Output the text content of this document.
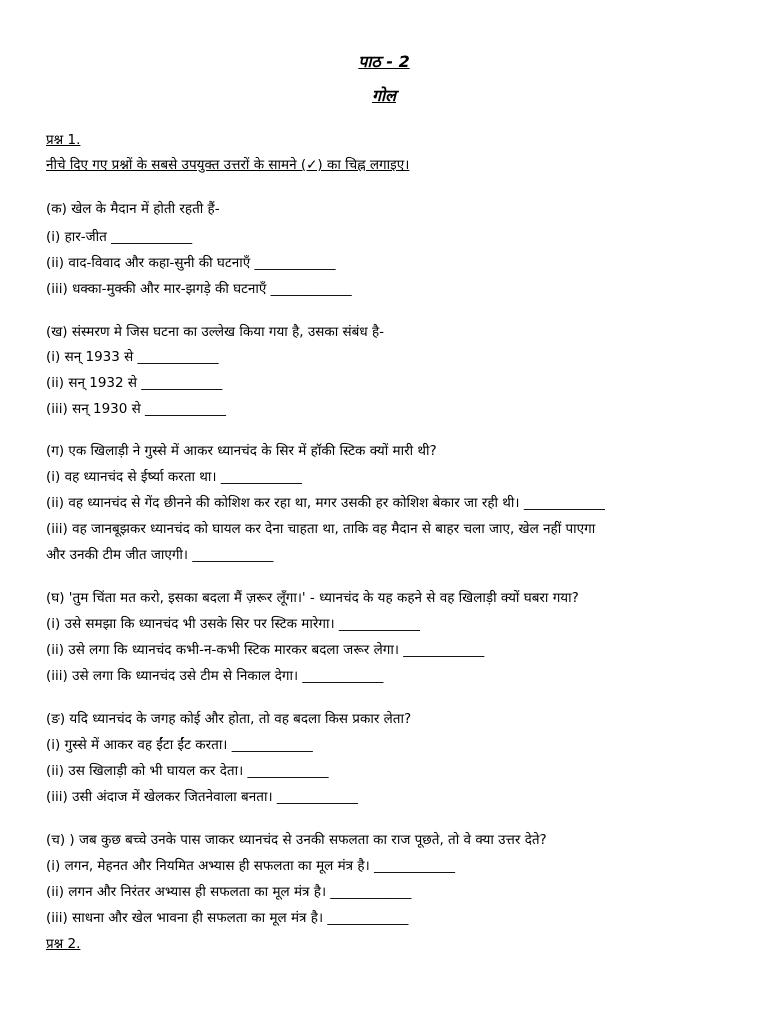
पाठ - 2
गोल
प्रश्न 1.
नीचे दिए गए प्रश्नों के सबसे उपयुक्त उत्तरों के सामने (✓) का चिह्न लगाइए।
(क) खेल के मैदान में होती रहती हैं-
(i) हार-जीत ____________
(ii) वाद-विवाद और कहा-सुनी की घटनाएँ ____________
(iii) धक्का-मुक्की और मार-झगड़े की घटनाएँ ____________
(ख) संस्मरण मे जिस घटना का उल्लेख किया गया है, उसका संबंध है-
(i) सन् 1933 से ____________
(ii) सन् 1932 से ____________
(iii) सन् 1930 से ____________
(ग) एक खिलाड़ी ने गुस्से में आकर ध्यानचंद के सिर में हॉकी स्टिक क्यों मारी थी?
(i) वह ध्यानचंद से ईर्ष्या करता था। ____________
(ii) वह ध्यानचंद से गेंद छीनने की कोशिश कर रहा था, मगर उसकी हर कोशिश बेकार जा रही थी। ____________
(iii) वह जानबूझकर ध्यानचंद को घायल कर देना चाहता था, ताकि वह मैदान से बाहर चला जाए, खेल नहीं पाएगा
और उनकी टीम जीत जाएगी। ____________
(घ) 'तुम चिंता मत करो, इसका बदला मैं ज़रूर लूँगा।' - ध्यानचंद के यह कहने से वह खिलाड़ी क्यों घबरा गया?
(i) उसे समझा कि ध्यानचंद भी उसके सिर पर स्टिक मारेगा। ____________
(ii) उसे लगा कि ध्यानचंद कभी-न-कभी स्टिक मारकर बदला जरूर लेगा। ____________
(iii) उसे लगा कि ध्यानचंद उसे टीम से निकाल देगा। ____________
(ङ) यदि ध्यानचंद के जगह कोई और होता, तो वह बदला किस प्रकार लेता?
(i) गुस्से में आकर वह ईंटा ईंट करता। ____________
(ii) उस खिलाड़ी को भी घायल कर देता। ____________
(iii) उसी अंदाज में खेलकर जितनेवाला बनता। ____________
(च) ) जब कुछ बच्चे उनके पास जाकर ध्यानचंद से उनकी सफलता का राज पूछते, तो वे क्या उत्तर देते?
(i) लगन, मेहनत और नियमित अभ्यास ही सफलता का मूल मंत्र है। ____________
(ii) लगन और निरंतर अभ्यास ही सफलता का मूल मंत्र है। ____________
(iii) साधना और खेल भावना ही सफलता का मूल मंत्र है। ____________
प्रश्न 2.
